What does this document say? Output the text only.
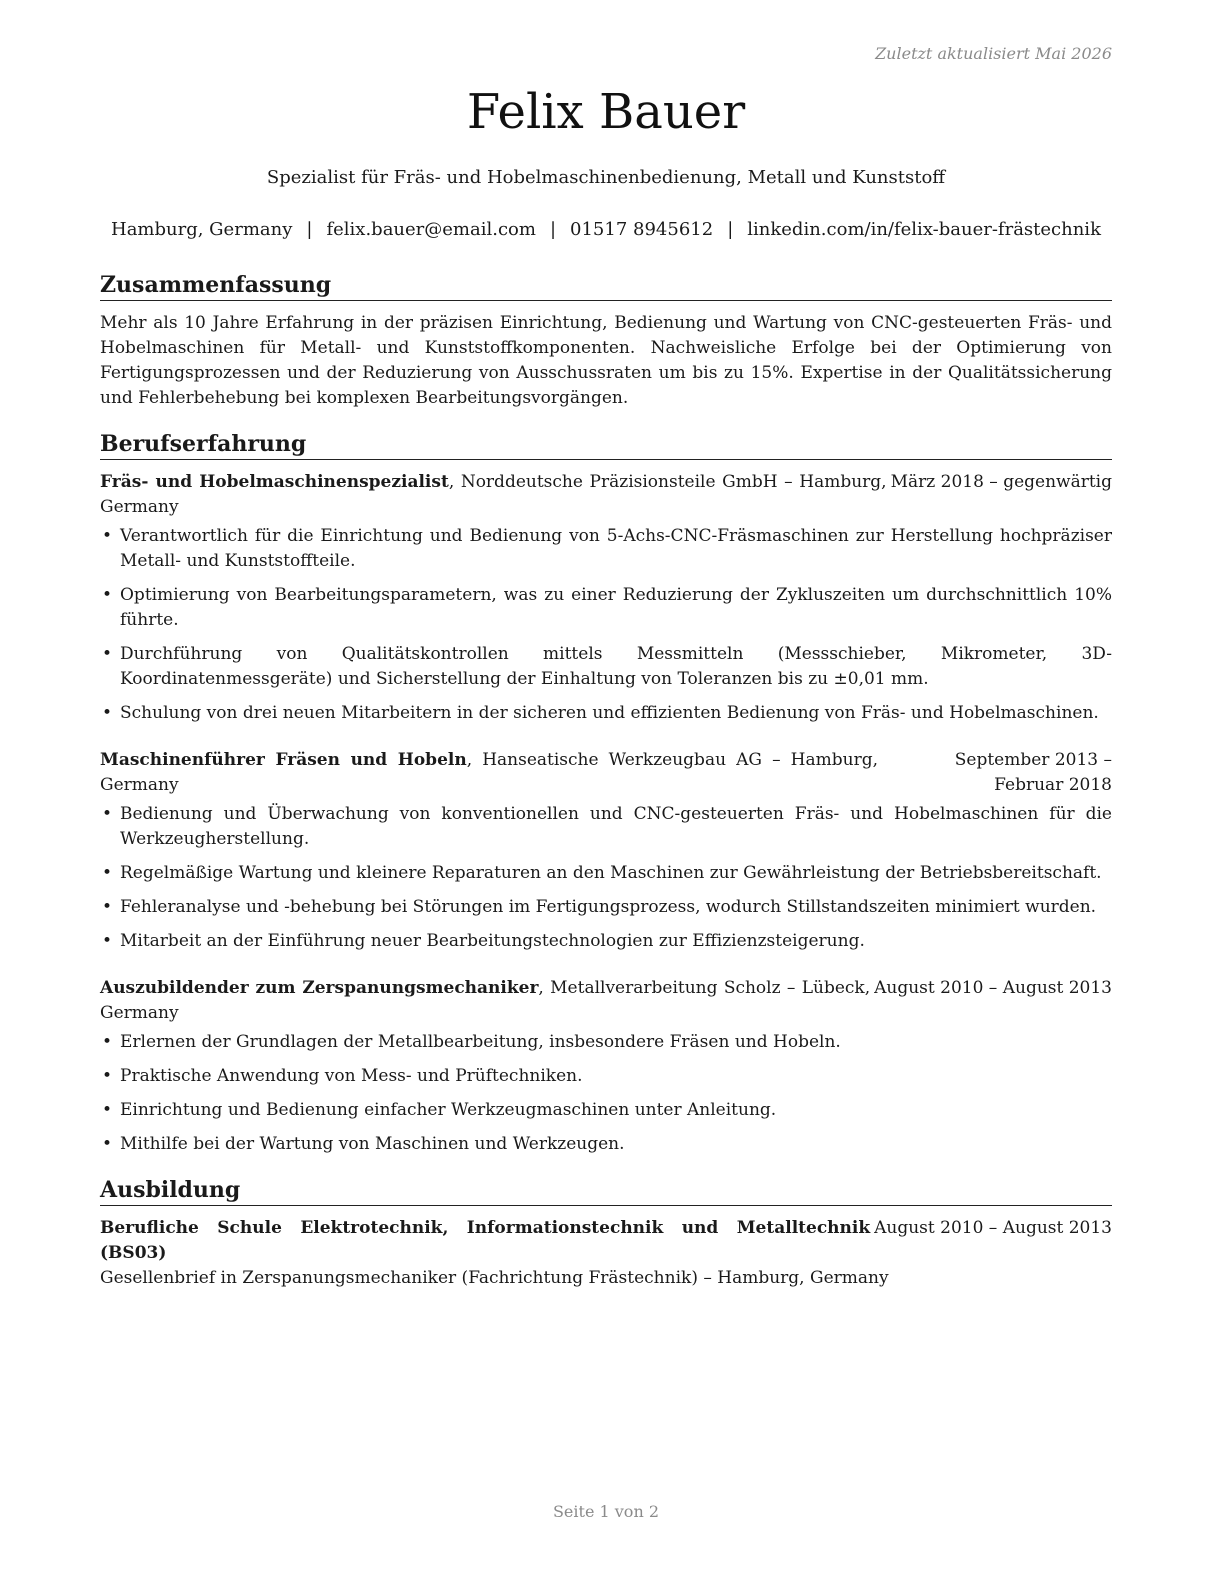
Zuletzt aktualisiert Mai 2026
Felix Bauer
Spezialist für Fräs- und Hobelmaschinenbedienung, Metall und Kunststoff
Hamburg, Germany | felix.bauer@email.com | 01517 8945612 | linkedin.com/in/felix-bauer-frästechnik
Zusammenfassung

Mehr als 10 Jahre Erfahrung in der präzisen Einrichtung, Bedienung und Wartung von CNC-gesteuerten Fräs- und Hobelmaschinen für Metall- und Kunststoffkomponenten. Nachweisliche Erfolge bei der Optimierung von Fertigungsprozessen und der Reduzierung von Ausschussraten um bis zu 15%. Expertise in der Qualitätssicherung und Fehlerbehebung bei komplexen Bearbeitungsvorgängen.

Berufserfahrung
Fräs- und Hobelmaschinenspezialist, Norddeutsche Präzisionsteile GmbH – Hamburg, Germany
März 2018 – gegenwärtig
• Verantwortlich für die Einrichtung und Bedienung von 5-Achs-CNC-Fräsmaschinen zur Herstellung hochpräziser Metall- und Kunststoffteile.
• Optimierung von Bearbeitungsparametern, was zu einer Reduzierung der Zykluszeiten um durchschnittlich 10% führte.
• Durchführung von Qualitätskontrollen mittels Messmitteln (Messschieber, Mikrometer, 3D-Koordinatenmessgeräte) und Sicherstellung der Einhaltung von Toleranzen bis zu ±0,01 mm.
• Schulung von drei neuen Mitarbeitern in der sicheren und effizienten Bedienung von Fräs- und Hobelmaschinen.
Maschinenführer Fräsen und Hobeln, Hanseatische Werkzeugbau AG – Hamburg, Germany
September 2013 – Februar 2018
• Bedienung und Überwachung von konventionellen und CNC-gesteuerten Fräs- und Hobelmaschinen für die Werkzeugherstellung.
• Regelmäßige Wartung und kleinere Reparaturen an den Maschinen zur Gewährleistung der Betriebsbereitschaft.
• Fehleranalyse und -behebung bei Störungen im Fertigungsprozess, wodurch Stillstandszeiten minimiert wurden.
• Mitarbeit an der Einführung neuer Bearbeitungstechnologien zur Effizienzsteigerung.
Auszubildender zum Zerspanungsmechaniker, Metallverarbeitung Scholz – Lübeck, Germany
August 2010 – August 2013
• Erlernen der Grundlagen der Metallbearbeitung, insbesondere Fräsen und Hobeln.
• Praktische Anwendung von Mess- und Prüftechniken.
• Einrichtung und Bedienung einfacher Werkzeugmaschinen unter Anleitung.
• Mithilfe bei der Wartung von Maschinen und Werkzeugen.
Ausbildung
Berufliche Schule Elektrotechnik, Informationstechnik und Metalltechnik (BS03)
August 2010 – August 2013
Gesellenbrief in Zerspanungsmechaniker (Fachrichtung Frästechnik) – Hamburg, Germany
Seite 1 von 2
